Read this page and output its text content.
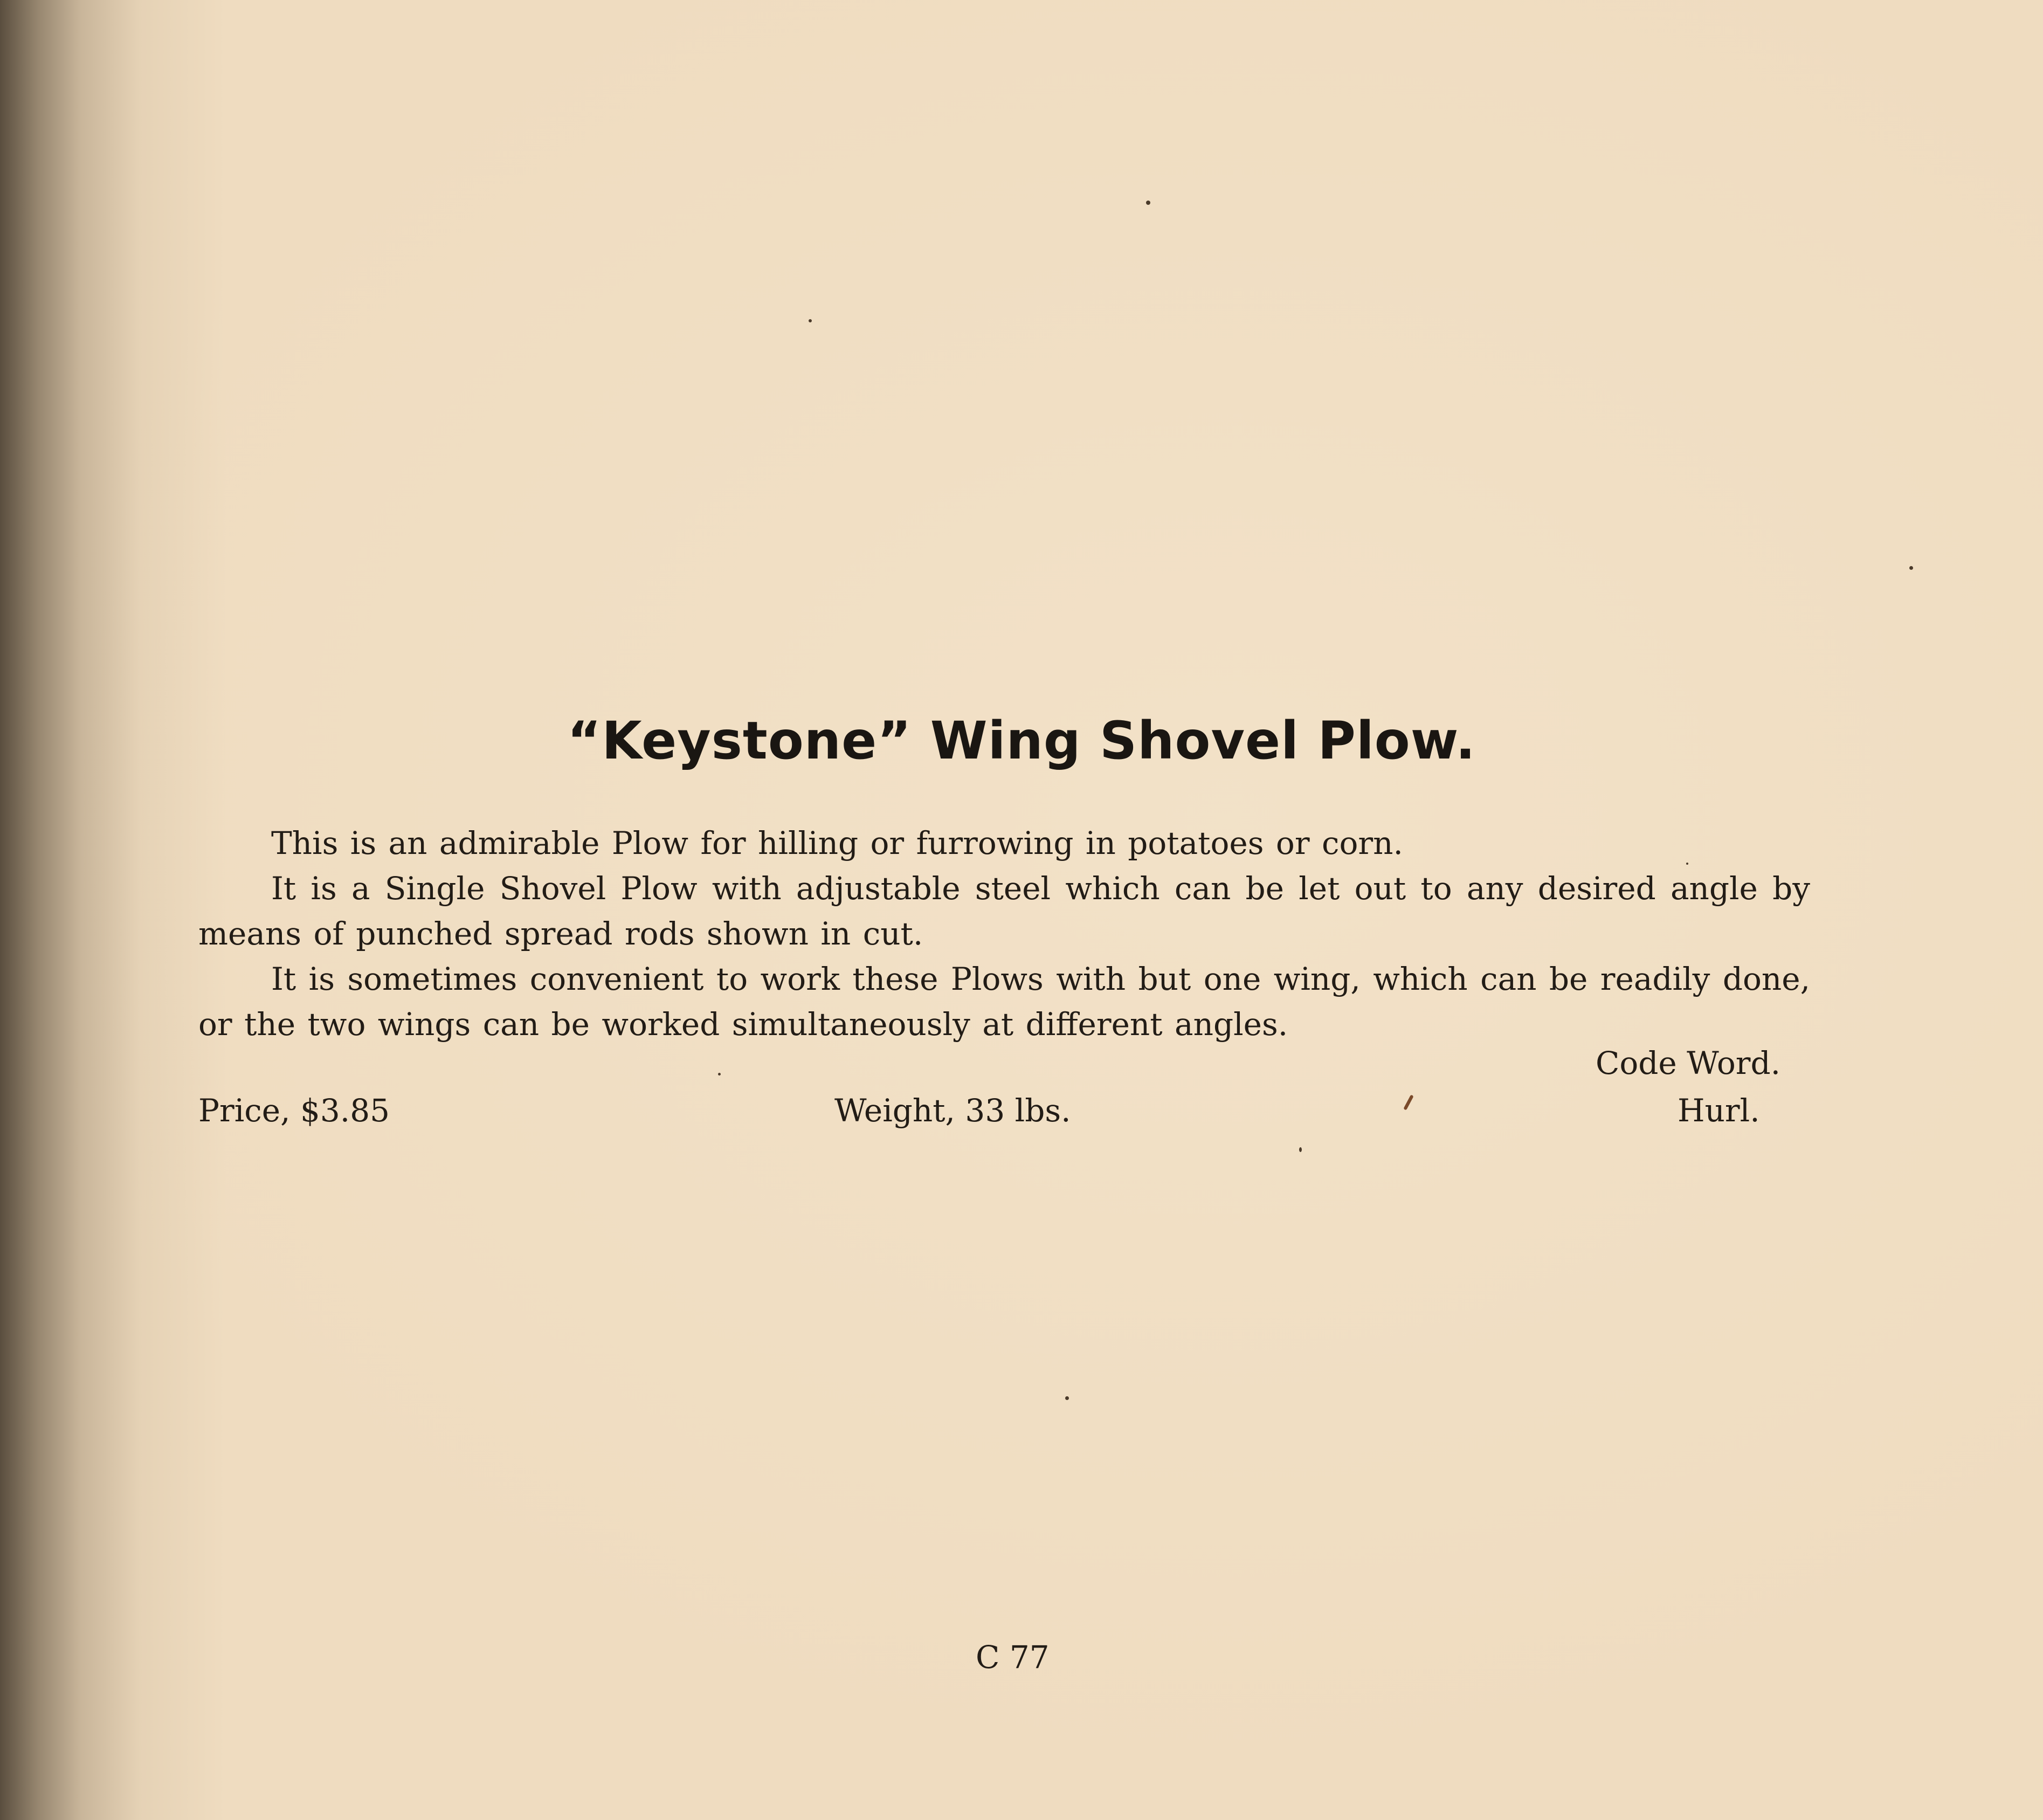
“Keystone” Wing Shovel Plow.

This is an admirable Plow for hilling or furrowing in potatoes or corn.

It is a Single Shovel Plow with adjustable steel which can be let out to any desired angle by means of punched spread rods shown in cut.

It is sometimes convenient to work these Plows with but one wing, which can be readily done, or the two wings can be worked simultaneously at different angles.

Code Word.
Price, $3.85	Weight, 33 lbs.	Hurl.
C 77
